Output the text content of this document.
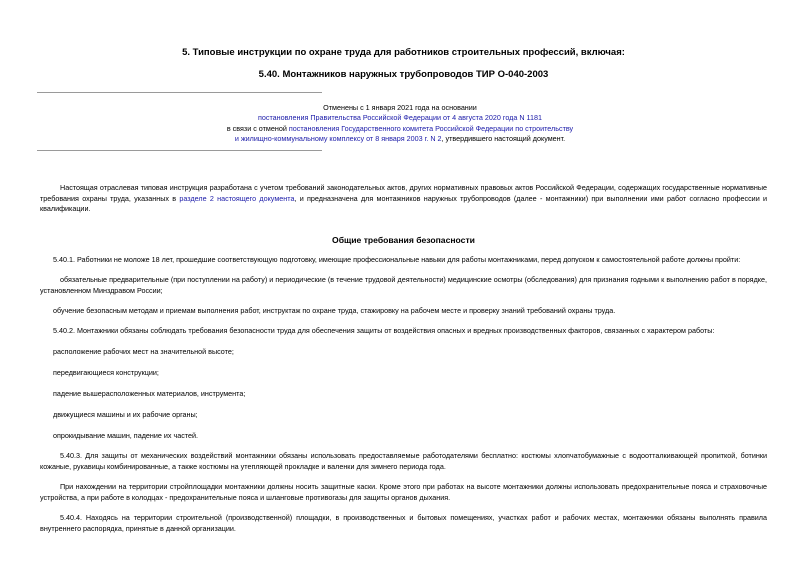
5. Типовые инструкции по охране труда для работников строительных профессий, включая:
5.40. Монтажников наружных трубопроводов ТИР О-040-2003
Отменены с 1 января 2021 года на основании
постановления Правительства Российской Федерации от 4 августа 2020 года N 1181
в связи с отменой постановления Государственного комитета Российской Федерации по строительству
и жилищно-коммунальному комплексу от 8 января 2003 г. N 2, утвердившего настоящий документ.
Настоящая отраслевая типовая инструкция разработана с учетом требований законодательных актов, других нормативных правовых актов Российской Федерации, содержащих государственные нормативные требования охраны труда, указанных в разделе 2 настоящего документа, и предназначена для монтажников наружных трубопроводов (далее - монтажники) при выполнении ими работ согласно профессии и квалификации.
Общие требования безопасности
5.40.1. Работники не моложе 18 лет, прошедшие соответствующую подготовку, имеющие профессиональные навыки для работы монтажниками, перед допуском к самостоятельной работе должны пройти:
обязательные предварительные (при поступлении на работу) и периодические (в течение трудовой деятельности) медицинские осмотры (обследования) для признания годными к выполнению работ в порядке, установленном Минздравом России;
обучение безопасным методам и приемам выполнения работ, инструктаж по охране труда, стажировку на рабочем месте и проверку знаний требований охраны труда.
5.40.2. Монтажники обязаны соблюдать требования безопасности труда для обеспечения защиты от воздействия опасных и вредных производственных факторов, связанных с характером работы:
расположение рабочих мест на значительной высоте;
передвигающиеся конструкции;
падение вышерасположенных материалов, инструмента;
движущиеся машины и их рабочие органы;
опрокидывание машин, падение их частей.
5.40.3. Для защиты от механических воздействий монтажники обязаны использовать предоставляемые работодателями бесплатно: костюмы хлопчатобумажные с водоотталкивающей пропиткой, ботинки кожаные, рукавицы комбинированные, а также костюмы на утепляющей прокладке и валенки для зимнего периода года.
При нахождении на территории стройплощадки монтажники должны носить защитные каски. Кроме этого при работах на высоте монтажники должны использовать предохранительные пояса и страховочные устройства, а при работе в колодцах - предохранительные пояса и шланговые противогазы для защиты органов дыхания.
5.40.4. Находясь на территории строительной (производственной) площадки, в производственных и бытовых помещениях, участках работ и рабочих местах, монтажники обязаны выполнять правила внутреннего распорядка, принятые в данной организации.
